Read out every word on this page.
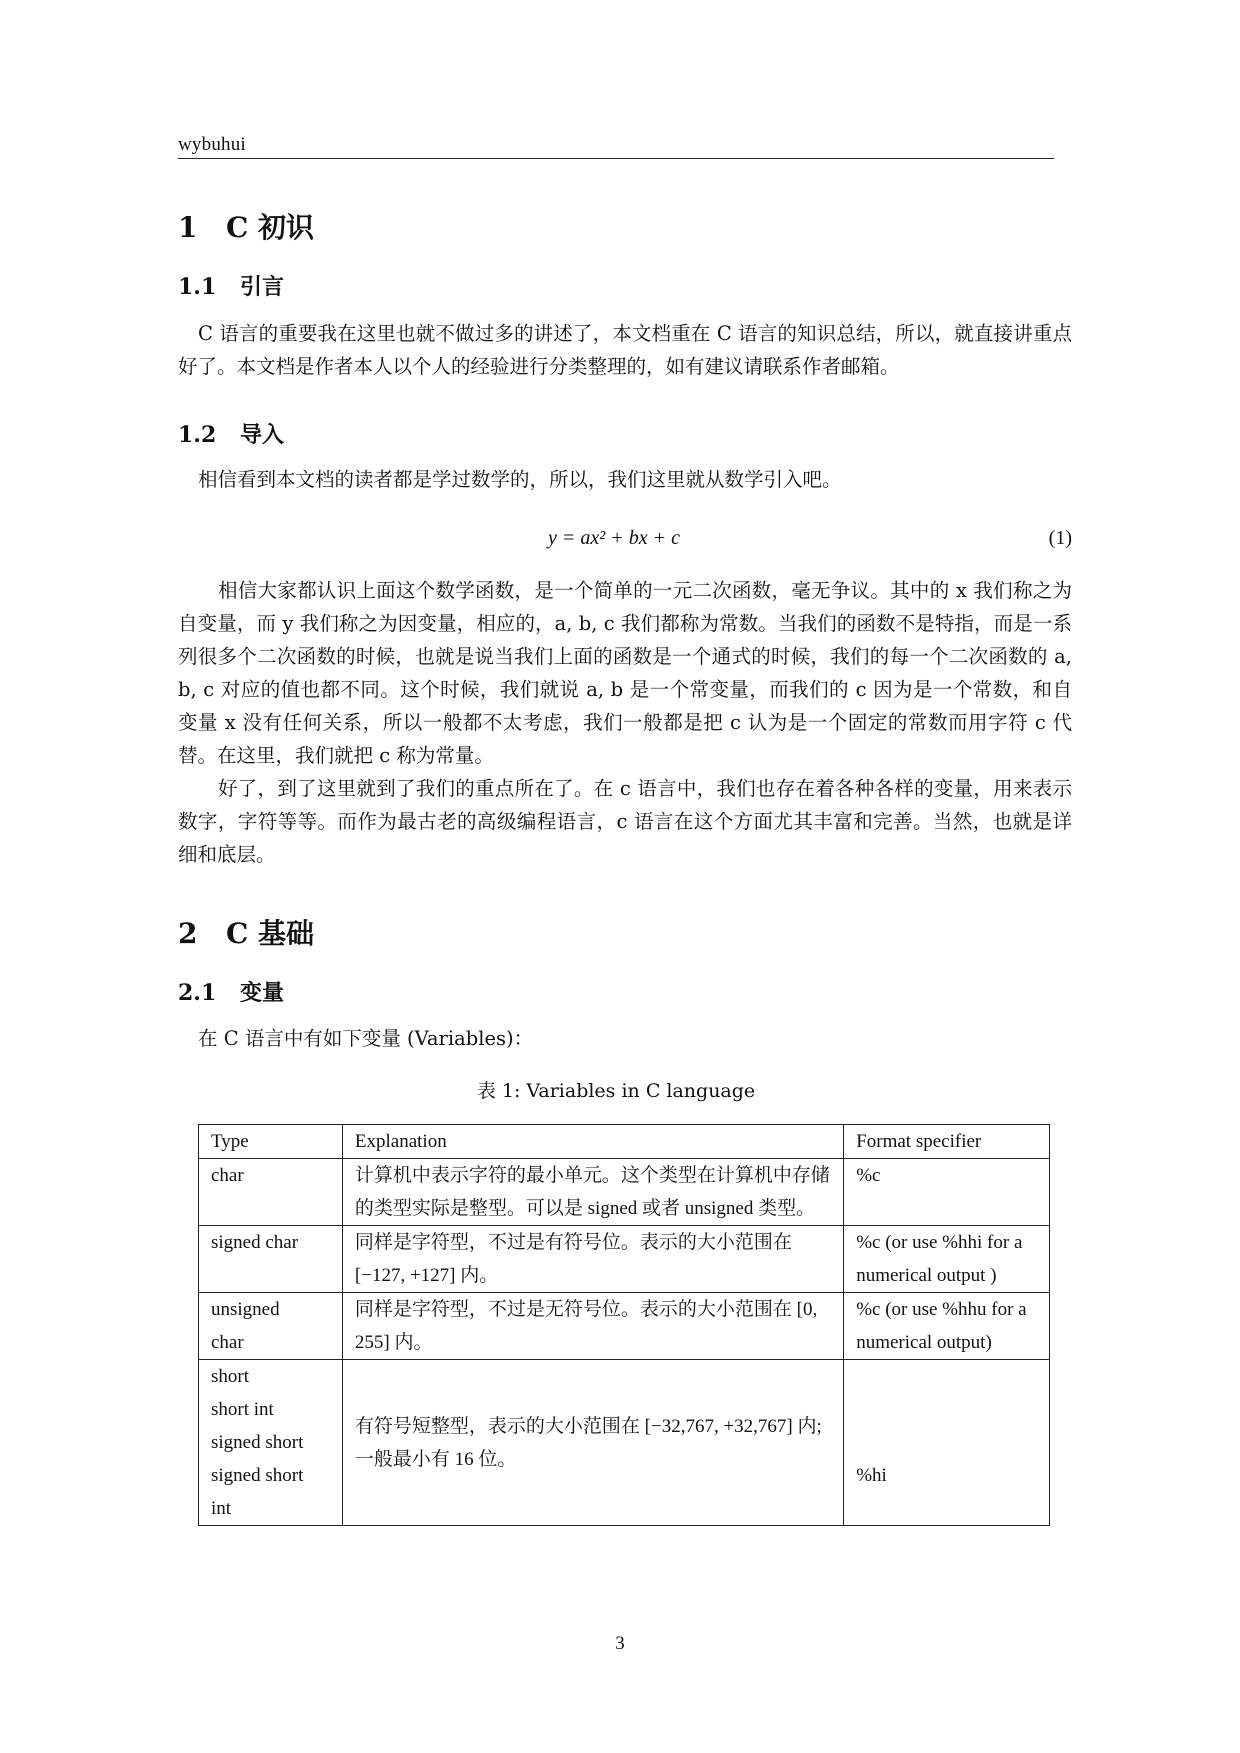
wybuhui
1	C 初识
1.1	引言
C 语言的重要我在这里也就不做过多的讲述了，本文档重在 C 语言的知识总结，所以，就直接讲重点好了。本文档是作者本人以个人的经验进行分类整理的，如有建议请联系作者邮箱。
1.2	导入
相信看到本文档的读者都是学过数学的，所以，我们这里就从数学引入吧。
y = ax² + bx + c	(1)
相信大家都认识上面这个数学函数，是一个简单的一元二次函数，毫无争议。其中的 x 我们称之为自变量，而 y 我们称之为因变量，相应的，a, b, c 我们都称为常数。当我们的函数不是特指，而是一系列很多个二次函数的时候，也就是说当我们上面的函数是一个通式的时候，我们的每一个二次函数的 a, b, c 对应的值也都不同。这个时候，我们就说 a, b 是一个常变量，而我们的 c 因为是一个常数，和自变量 x 没有任何关系，所以一般都不太考虑，我们一般都是把 c 认为是一个固定的常数而用字符 c 代替。在这里，我们就把 c 称为常量。
好了，到了这里就到了我们的重点所在了。在 c 语言中，我们也存在着各种各样的变量，用来表示数字，字符等等。而作为最古老的高级编程语言，c 语言在这个方面尤其丰富和完善。当然，也就是详细和底层。
2	C 基础
2.1	变量
在 C 语言中有如下变量 (Variables)：
表 1: Variables in C language
Type	Explanation	Format specifier

char	计算机中表示字符的最小单元。这个类型在计算机中存储的类型实际是整型。可以是 signed 或者 unsigned 类型。	%c

signed char	同样是字符型，不过是有符号位。表示的大小范围在 [−127, +127] 内。	%c (or use %hhi for a numerical output )

unsigned
char	同样是字符型，不过是无符号位。表示的大小范围在 [0, 255] 内。	%c (or use %hhu for a numerical output)

short
short int
signed short
signed short
int	有符号短整型，表示的大小范围在 [−32,767, +32,767] 内; 一般最小有 16 位。	%hi
3
